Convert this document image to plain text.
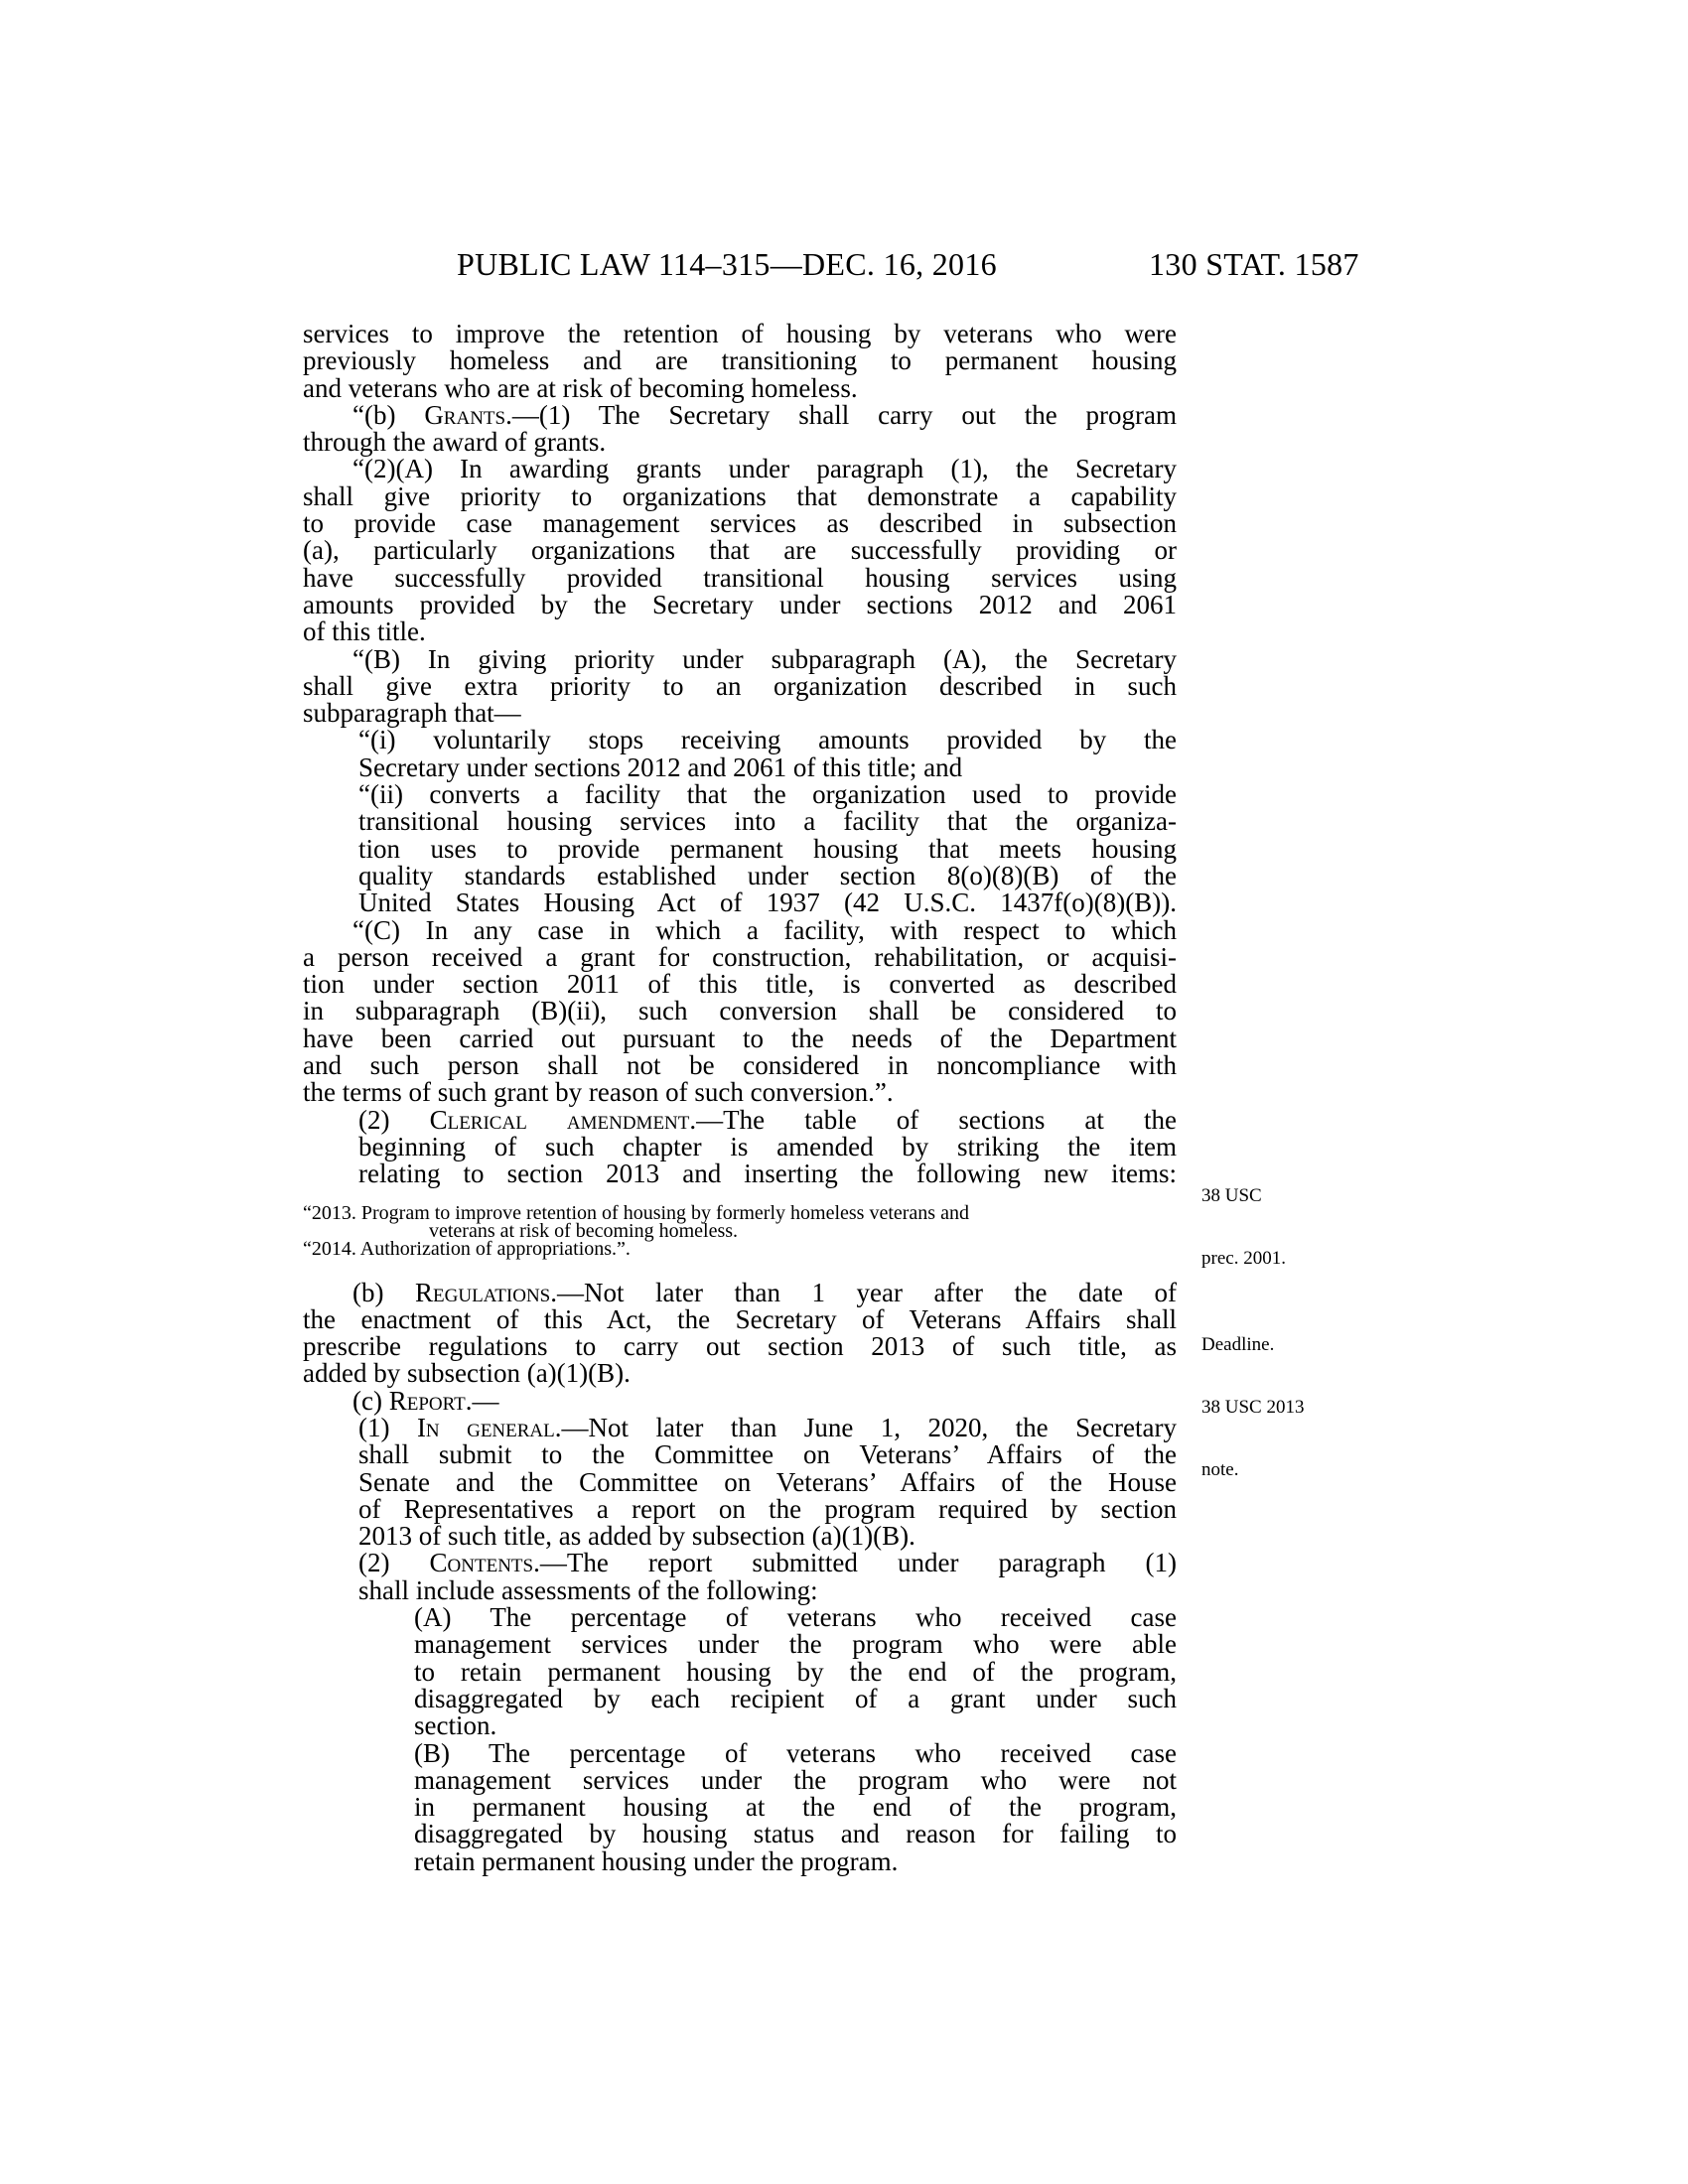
PUBLIC LAW 114–315—DEC. 16, 2016	130 STAT. 1587
services to improve the retention of housing by veterans who were
previously homeless and are transitioning to permanent housing
and veterans who are at risk of becoming homeless.
“(b) Grants.—(1) The Secretary shall carry out the program
through the award of grants.
“(2)(A) In awarding grants under paragraph (1), the Secretary
shall give priority to organizations that demonstrate a capability
to provide case management services as described in subsection
(a), particularly organizations that are successfully providing or
have successfully provided transitional housing services using
amounts provided by the Secretary under sections 2012 and 2061
of this title.
“(B) In giving priority under subparagraph (A), the Secretary
shall give extra priority to an organization described in such
subparagraph that—
“(i) voluntarily stops receiving amounts provided by the
Secretary under sections 2012 and 2061 of this title; and
“(ii) converts a facility that the organization used to provide
transitional housing services into a facility that the organiza-
tion uses to provide permanent housing that meets housing
quality standards established under section 8(o)(8)(B) of the
United States Housing Act of 1937 (42 U.S.C. 1437f(o)(8)(B)).
“(C) In any case in which a facility, with respect to which
a person received a grant for construction, rehabilitation, or acquisi-
tion under section 2011 of this title, is converted as described
in subparagraph (B)(ii), such conversion shall be considered to
have been carried out pursuant to the needs of the Department
and such person shall not be considered in noncompliance with
the terms of such grant by reason of such conversion.”.
(2) Clerical amendment.—The table of sections at the
beginning of such chapter is amended by striking the item
relating to section 2013 and inserting the following new items:
“2013. Program to improve retention of housing by formerly homeless veterans and
veterans at risk of becoming homeless.
“2014. Authorization of appropriations.”.
(b) Regulations.—Not later than 1 year after the date of
the enactment of this Act, the Secretary of Veterans Affairs shall
prescribe regulations to carry out section 2013 of such title, as
added by subsection (a)(1)(B).
(c) Report.—
(1) In general.—Not later than June 1, 2020, the Secretary
shall submit to the Committee on Veterans’ Affairs of the
Senate and the Committee on Veterans’ Affairs of the House
of Representatives a report on the program required by section
2013 of such title, as added by subsection (a)(1)(B).
(2) Contents.—The report submitted under paragraph (1)
shall include assessments of the following:
(A) The percentage of veterans who received case
management services under the program who were able
to retain permanent housing by the end of the program,
disaggregated by each recipient of a grant under such
section.
(B) The percentage of veterans who received case
management services under the program who were not
in permanent housing at the end of the program,
disaggregated by housing status and reason for failing to
retain permanent housing under the program.

38 USC

prec. 2001.

Deadline.

38 USC 2013

note.
